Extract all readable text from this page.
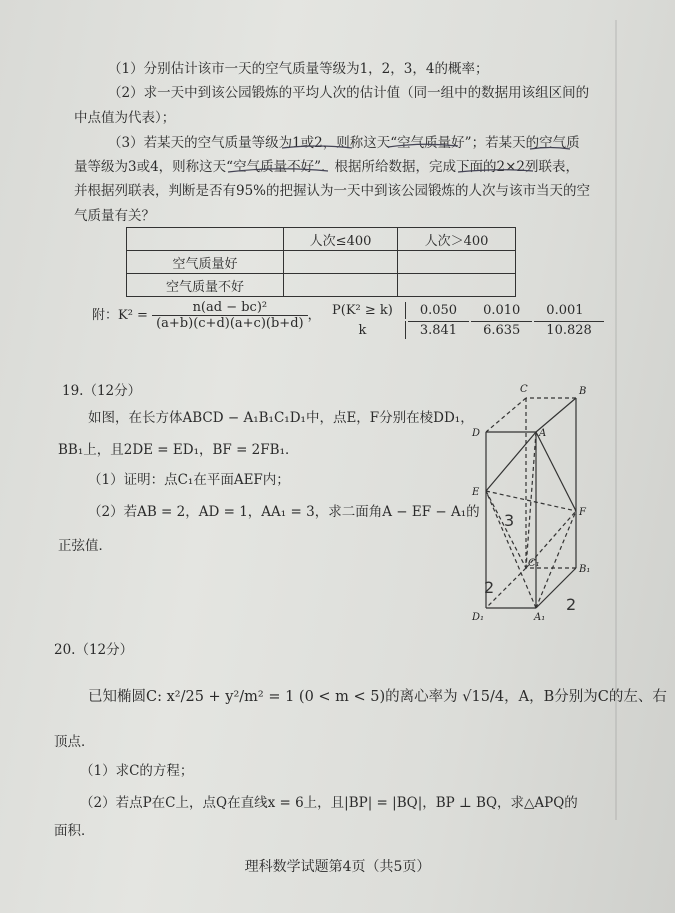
（1）分别估计该市一天的空气质量等级为1，2，3，4的概率；
（2）求一天中到该公园锻炼的平均人次的估计值（同一组中的数据用该组区间的
中点值为代表）；
（3）若某天的空气质量等级为1或2，则称这天“空气质量好”；若某天的空气质
量等级为3或4，则称这天“空气质量不好”．根据所给数据，完成下面的2×2列联表，
并根据列联表，判断是否有95%的把握认为一天中到该公园锻炼的人次与该市当天的空
气质量有关？
	人次≤400	人次＞400
空气质量好		
空气质量不好		
附：$K^2 = \frac{\text{n(ad − bc)²}}{(a+b)(c+d)(a+c)(b+d)}$ ， P(K² ≥ k)	0.050	0.010	0.001
k	3.841	6.635	10.828
19.（12分）
如图，在长方体ABCD − A₁B₁C₁D₁中，点E，F分别在棱DD₁，
BB₁上，且2DE = ED₁，BF = 2FB₁．
（1）证明：点C₁在平面AEF内；
（2）若AB = 2，AD = 1，AA₁ = 3，求二面角A − EF − A₁的
正弦值．
C	B
D	A
E
F
C₁
B₁
D₁	A₁
3
2
2
20.（12分）
已知椭圆C: x²/25 + y²/m² = 1 (0 < m < 5)的离心率为 √15/4，A，B分别为C的左、右
顶点．
（1）求C的方程；
（2）若点P在C上，点Q在直线x = 6上，且|BP| = |BQ|，BP ⊥ BQ，求△APQ的
面积．
理科数学试题第4页（共5页）
